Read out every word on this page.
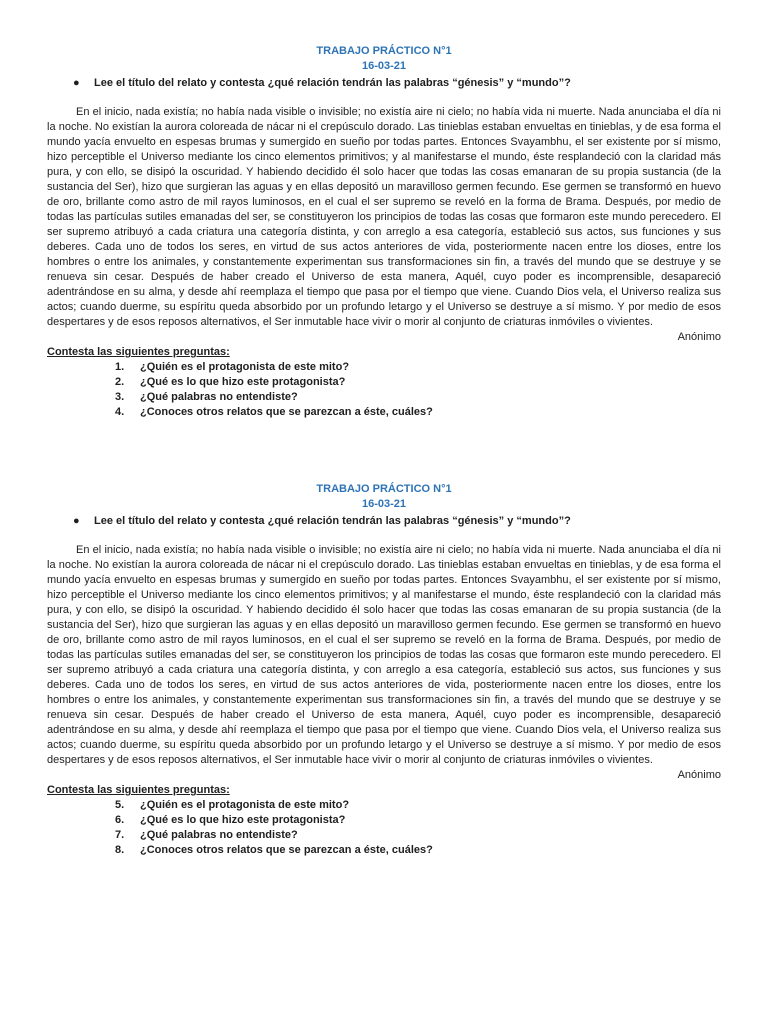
TRABAJO PRÁCTICO N°1

16-03-21

● Lee el título del relato y contesta ¿qué relación tendrán las palabras “génesis” y “mundo”?

En el inicio, nada existía; no había nada visible o invisible; no existía aire ni cielo; no había vida ni muerte. Nada anunciaba el día ni la noche. No existían la aurora coloreada de nácar ni el crepúsculo dorado. Las tinieblas estaban envueltas en tinieblas, y de esa forma el mundo yacía envuelto en espesas brumas y sumergido en sueño por todas partes. Entonces Svayambhu, el ser existente por sí mismo, hizo perceptible el Universo mediante los cinco elementos primitivos; y al manifestarse el mundo, éste resplandeció con la claridad más pura, y con ello, se disipó la oscuridad. Y habiendo decidido él solo hacer que todas las cosas emanaran de su propia sustancia (de la sustancia del Ser), hizo que surgieran las aguas y en ellas depositó un maravilloso germen fecundo. Ese germen se transformó en huevo de oro, brillante como astro de mil rayos luminosos, en el cual el ser supremo se reveló en la forma de Brama. Después, por medio de todas las partículas sutiles emanadas del ser, se constituyeron los principios de todas las cosas que formaron este mundo perecedero. El ser supremo atribuyó a cada criatura una categoría distinta, y con arreglo a esa categoría, estableció sus actos, sus funciones y sus deberes. Cada uno de todos los seres, en virtud de sus actos anteriores de vida, posteriormente nacen entre los dioses, entre los hombres o entre los animales, y constantemente experimentan sus transformaciones sin fin, a través del mundo que se destruye y se renueva sin cesar. Después de haber creado el Universo de esta manera, Aquél, cuyo poder es incomprensible, desapareció adentrándose en su alma, y desde ahí reemplaza el tiempo que pasa por el tiempo que viene. Cuando Dios vela, el Universo realiza sus actos; cuando duerme, su espíritu queda absorbido por un profundo letargo y el Universo se destruye a sí mismo. Y por medio de esos despertares y de esos reposos alternativos, el Ser inmutable hace vivir o morir al conjunto de criaturas inmóviles o vivientes.

Anónimo

Contesta las siguientes preguntas:

1. ¿Quién es el protagonista de este mito?
2. ¿Qué es lo que hizo este protagonista?
3. ¿Qué palabras no entendiste?
4. ¿Conoces otros relatos que se parezcan a éste, cuáles?

TRABAJO PRÁCTICO N°1

16-03-21

● Lee el título del relato y contesta ¿qué relación tendrán las palabras “génesis” y “mundo”?

En el inicio, nada existía; no había nada visible o invisible; no existía aire ni cielo; no había vida ni muerte. Nada anunciaba el día ni la noche. No existían la aurora coloreada de nácar ni el crepúsculo dorado. Las tinieblas estaban envueltas en tinieblas, y de esa forma el mundo yacía envuelto en espesas brumas y sumergido en sueño por todas partes. Entonces Svayambhu, el ser existente por sí mismo, hizo perceptible el Universo mediante los cinco elementos primitivos; y al manifestarse el mundo, éste resplandeció con la claridad más pura, y con ello, se disipó la oscuridad. Y habiendo decidido él solo hacer que todas las cosas emanaran de su propia sustancia (de la sustancia del Ser), hizo que surgieran las aguas y en ellas depositó un maravilloso germen fecundo. Ese germen se transformó en huevo de oro, brillante como astro de mil rayos luminosos, en el cual el ser supremo se reveló en la forma de Brama. Después, por medio de todas las partículas sutiles emanadas del ser, se constituyeron los principios de todas las cosas que formaron este mundo perecedero. El ser supremo atribuyó a cada criatura una categoría distinta, y con arreglo a esa categoría, estableció sus actos, sus funciones y sus deberes. Cada uno de todos los seres, en virtud de sus actos anteriores de vida, posteriormente nacen entre los dioses, entre los hombres o entre los animales, y constantemente experimentan sus transformaciones sin fin, a través del mundo que se destruye y se renueva sin cesar. Después de haber creado el Universo de esta manera, Aquél, cuyo poder es incomprensible, desapareció adentrándose en su alma, y desde ahí reemplaza el tiempo que pasa por el tiempo que viene. Cuando Dios vela, el Universo realiza sus actos; cuando duerme, su espíritu queda absorbido por un profundo letargo y el Universo se destruye a sí mismo. Y por medio de esos despertares y de esos reposos alternativos, el Ser inmutable hace vivir o morir al conjunto de criaturas inmóviles o vivientes.

Anónimo

Contesta las siguientes preguntas:

5. ¿Quién es el protagonista de este mito?
6. ¿Qué es lo que hizo este protagonista?
7. ¿Qué palabras no entendiste?
8. ¿Conoces otros relatos que se parezcan a éste, cuáles?
